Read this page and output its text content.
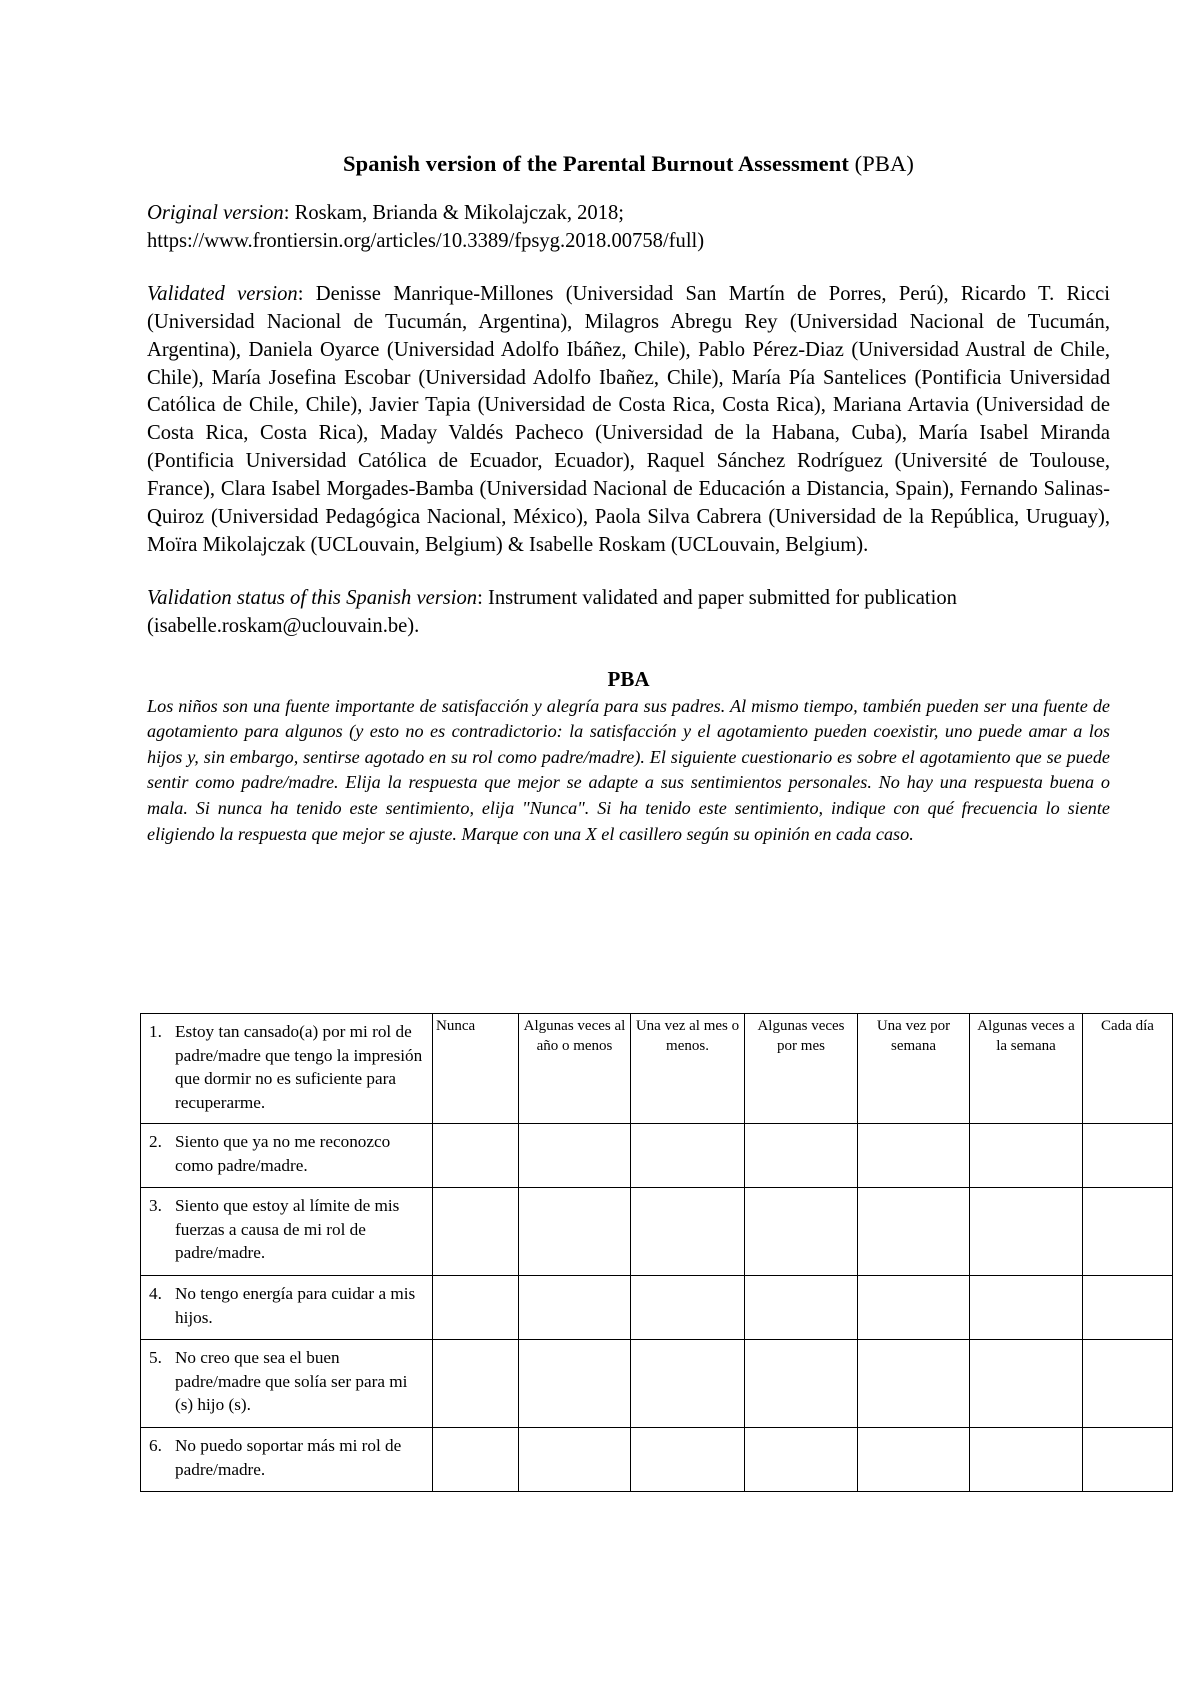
Spanish version of the Parental Burnout Assessment (PBA)

Original version: Roskam, Brianda & Mikolajczak, 2018; https://www.frontiersin.org/articles/10.3389/fpsyg.2018.00758/full)

Validated version: Denisse Manrique-Millones (Universidad San Martín de Porres, Perú), Ricardo T. Ricci (Universidad Nacional de Tucumán, Argentina), Milagros Abregu Rey (Universidad Nacional de Tucumán, Argentina), Daniela Oyarce (Universidad Adolfo Ibáñez, Chile), Pablo Pérez-Diaz (Universidad Austral de Chile, Chile), María Josefina Escobar (Universidad Adolfo Ibañez, Chile), María Pía Santelices (Pontificia Universidad Católica de Chile, Chile), Javier Tapia (Universidad de Costa Rica, Costa Rica), Mariana Artavia (Universidad de Costa Rica, Costa Rica), Maday Valdés Pacheco (Universidad de la Habana, Cuba), María Isabel Miranda (Pontificia Universidad Católica de Ecuador, Ecuador), Raquel Sánchez Rodríguez (Université de Toulouse, France), Clara Isabel Morgades-Bamba (Universidad Nacional de Educación a Distancia, Spain), Fernando Salinas-Quiroz (Universidad Pedagógica Nacional, México), Paola Silva Cabrera (Universidad de la República, Uruguay), Moïra Mikolajczak (UCLouvain, Belgium) & Isabelle Roskam (UCLouvain, Belgium).

Validation status of this Spanish version: Instrument validated and paper submitted for publication (isabelle.roskam@uclouvain.be).

PBA

Los niños son una fuente importante de satisfacción y alegría para sus padres. Al mismo tiempo, también pueden ser una fuente de agotamiento para algunos (y esto no es contradictorio: la satisfacción y el agotamiento pueden coexistir, uno puede amar a los hijos y, sin embargo, sentirse agotado en su rol como padre/madre). El siguiente cuestionario es sobre el agotamiento que se puede sentir como padre/madre. Elija la respuesta que mejor se adapte a sus sentimientos personales. No hay una respuesta buena o mala. Si nunca ha tenido este sentimiento, elija "Nunca". Si ha tenido este sentimiento, indique con qué frecuencia lo siente eligiendo la respuesta que mejor se ajuste. Marque con una X el casillero según su opinión en cada caso.

1. Estoy tan cansado(a) por mi rol de padre/madre que tengo la impresión que dormir no es suficiente para recuperarme.	Nunca	Algunas veces al año o menos	Una vez al mes o menos.	Algunas veces por mes	Una vez por semana	Algunas veces a la semana	Cada día

2. Siento que ya no me reconozco como padre/madre.							

3. Siento que estoy al límite de mis fuerzas a causa de mi rol de padre/madre.							

4. No tengo energía para cuidar a mis hijos.							

5. No creo que sea el buen padre/madre que solía ser para mi (s) hijo (s).							

6. No puedo soportar más mi rol de padre/madre.							
